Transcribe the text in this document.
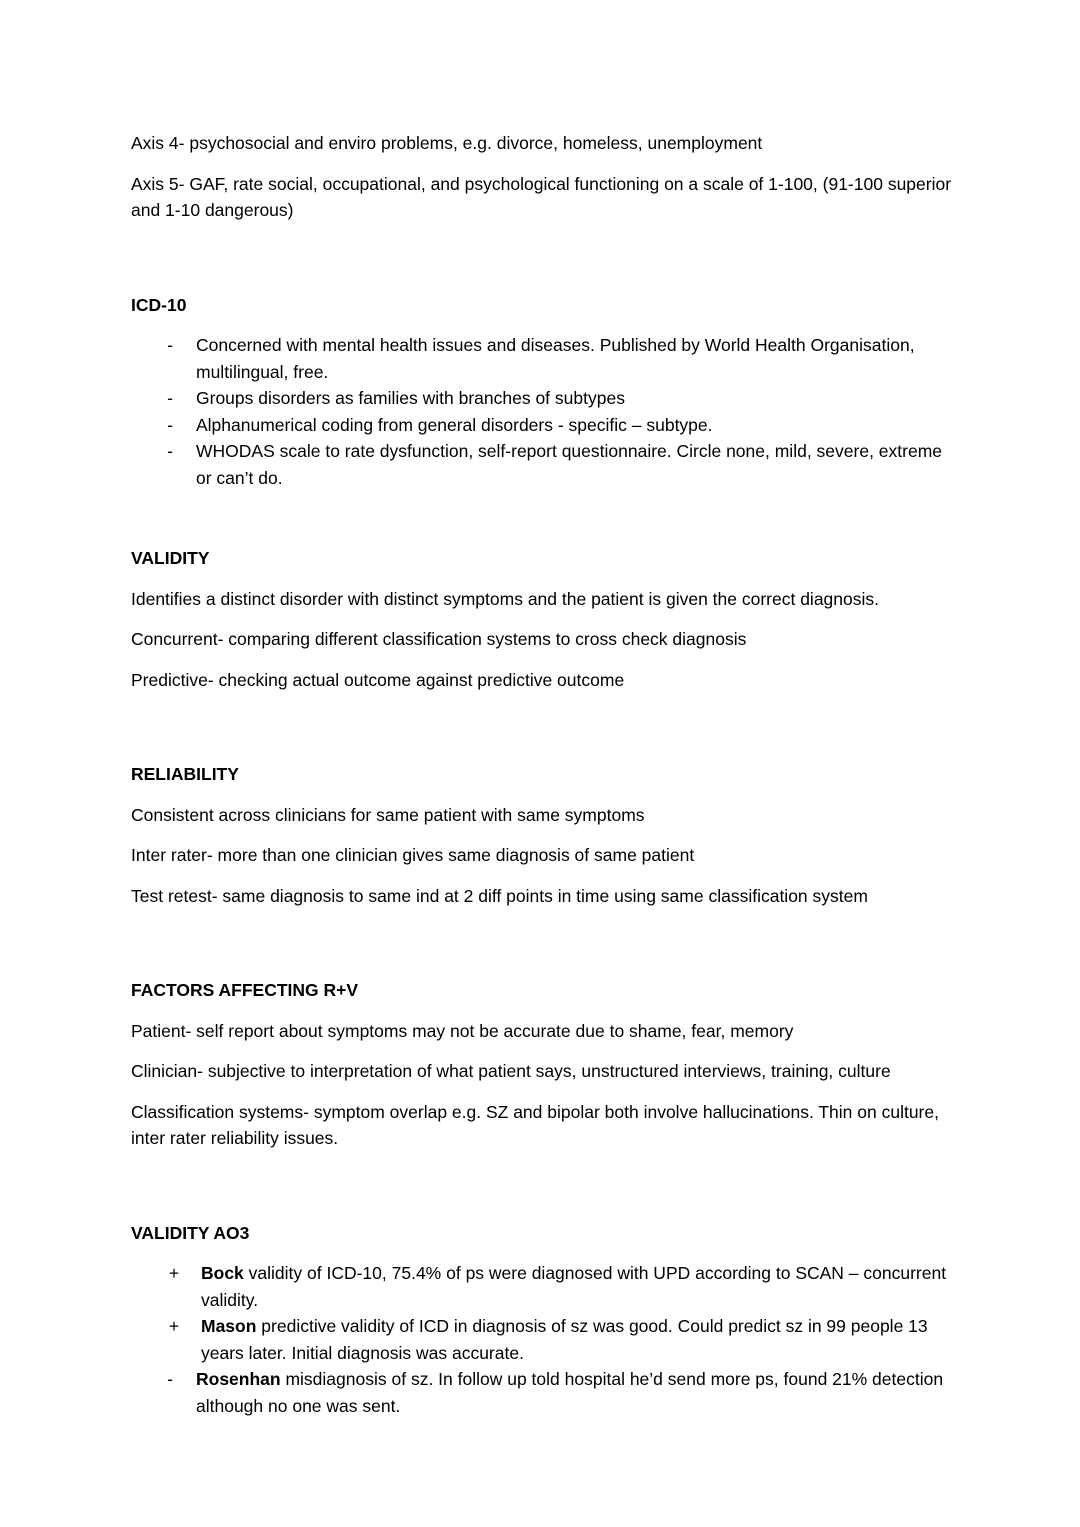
Axis 4- psychosocial and enviro problems, e.g. divorce, homeless, unemployment

Axis 5- GAF, rate social, occupational, and psychological functioning on a scale of 1-100, (91-100 superior and 1-10 dangerous)

ICD-10
- Concerned with mental health issues and diseases. Published by World Health Organisation, multilingual, free.
- Groups disorders as families with branches of subtypes
- Alphanumerical coding from general disorders - specific – subtype.
- WHODAS scale to rate dysfunction, self-report questionnaire. Circle none, mild, severe, extreme or can’t do.
VALIDITY

Identifies a distinct disorder with distinct symptoms and the patient is given the correct diagnosis.

Concurrent- comparing different classification systems to cross check diagnosis

Predictive- checking actual outcome against predictive outcome

RELIABILITY

Consistent across clinicians for same patient with same symptoms

Inter rater- more than one clinician gives same diagnosis of same patient

Test retest- same diagnosis to same ind at 2 diff points in time using same classification system

FACTORS AFFECTING R+V

Patient- self report about symptoms may not be accurate due to shame, fear, memory

Clinician- subjective to interpretation of what patient says, unstructured interviews, training, culture

Classification systems- symptom overlap e.g. SZ and bipolar both involve hallucinations. Thin on culture, inter rater reliability issues.

VALIDITY AO3
+ Bock validity of ICD-10, 75.4% of ps were diagnosed with UPD according to SCAN – concurrent validity.
+ Mason predictive validity of ICD in diagnosis of sz was good. Could predict sz in 99 people 13 years later. Initial diagnosis was accurate.
- Rosenhan misdiagnosis of sz. In follow up told hospital he’d send more ps, found 21% detection although no one was sent.
